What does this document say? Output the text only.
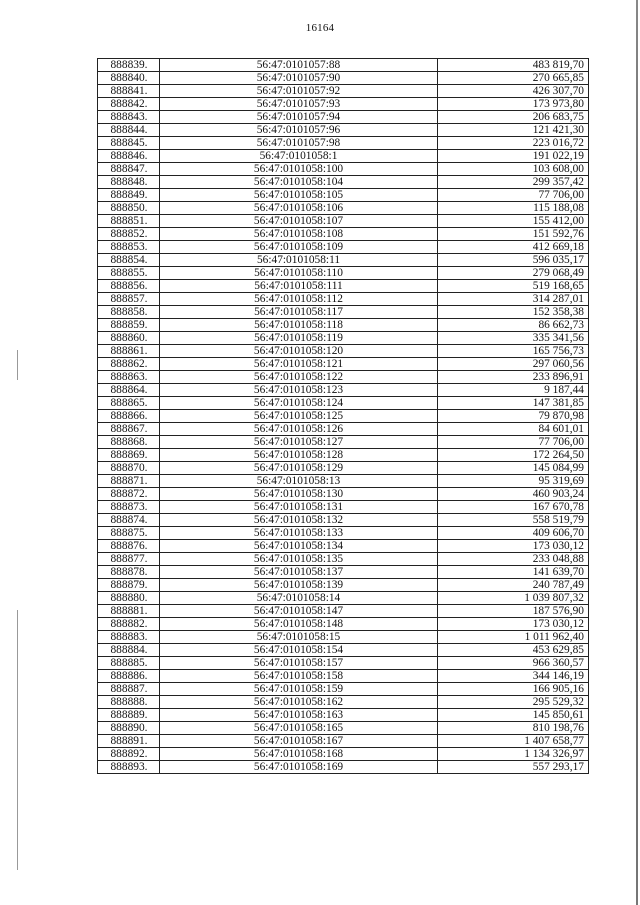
16164
888839.	56:47:0101057:88	483 819,70
888840.	56:47:0101057:90	270 665,85
888841.	56:47:0101057:92	426 307,70
888842.	56:47:0101057:93	173 973,80
888843.	56:47:0101057:94	206 683,75
888844.	56:47:0101057:96	121 421,30
888845.	56:47:0101057:98	223 016,72
888846.	56:47:0101058:1	191 022,19
888847.	56:47:0101058:100	103 608,00
888848.	56:47:0101058:104	299 357,42
888849.	56:47:0101058:105	77 706,00
888850.	56:47:0101058:106	115 188,08
888851.	56:47:0101058:107	155 412,00
888852.	56:47:0101058:108	151 592,76
888853.	56:47:0101058:109	412 669,18
888854.	56:47:0101058:11	596 035,17
888855.	56:47:0101058:110	279 068,49
888856.	56:47:0101058:111	519 168,65
888857.	56:47:0101058:112	314 287,01
888858.	56:47:0101058:117	152 358,38
888859.	56:47:0101058:118	86 662,73
888860.	56:47:0101058:119	335 341,56
888861.	56:47:0101058:120	165 756,73
888862.	56:47:0101058:121	297 060,56
888863.	56:47:0101058:122	233 896,91
888864.	56:47:0101058:123	9 187,44
888865.	56:47:0101058:124	147 381,85
888866.	56:47:0101058:125	79 870,98
888867.	56:47:0101058:126	84 601,01
888868.	56:47:0101058:127	77 706,00
888869.	56:47:0101058:128	172 264,50
888870.	56:47:0101058:129	145 084,99
888871.	56:47:0101058:13	95 319,69
888872.	56:47:0101058:130	460 903,24
888873.	56:47:0101058:131	167 670,78
888874.	56:47:0101058:132	558 519,79
888875.	56:47:0101058:133	409 606,70
888876.	56:47:0101058:134	173 030,12
888877.	56:47:0101058:135	233 048,88
888878.	56:47:0101058:137	141 639,70
888879.	56:47:0101058:139	240 787,49
888880.	56:47:0101058:14	1 039 807,32
888881.	56:47:0101058:147	187 576,90
888882.	56:47:0101058:148	173 030,12
888883.	56:47:0101058:15	1 011 962,40
888884.	56:47:0101058:154	453 629,85
888885.	56:47:0101058:157	966 360,57
888886.	56:47:0101058:158	344 146,19
888887.	56:47:0101058:159	166 905,16
888888.	56:47:0101058:162	295 529,32
888889.	56:47:0101058:163	145 850,61
888890.	56:47:0101058:165	810 198,76
888891.	56:47:0101058:167	1 407 658,77
888892.	56:47:0101058:168	1 134 326,97
888893.	56:47:0101058:169	557 293,17
